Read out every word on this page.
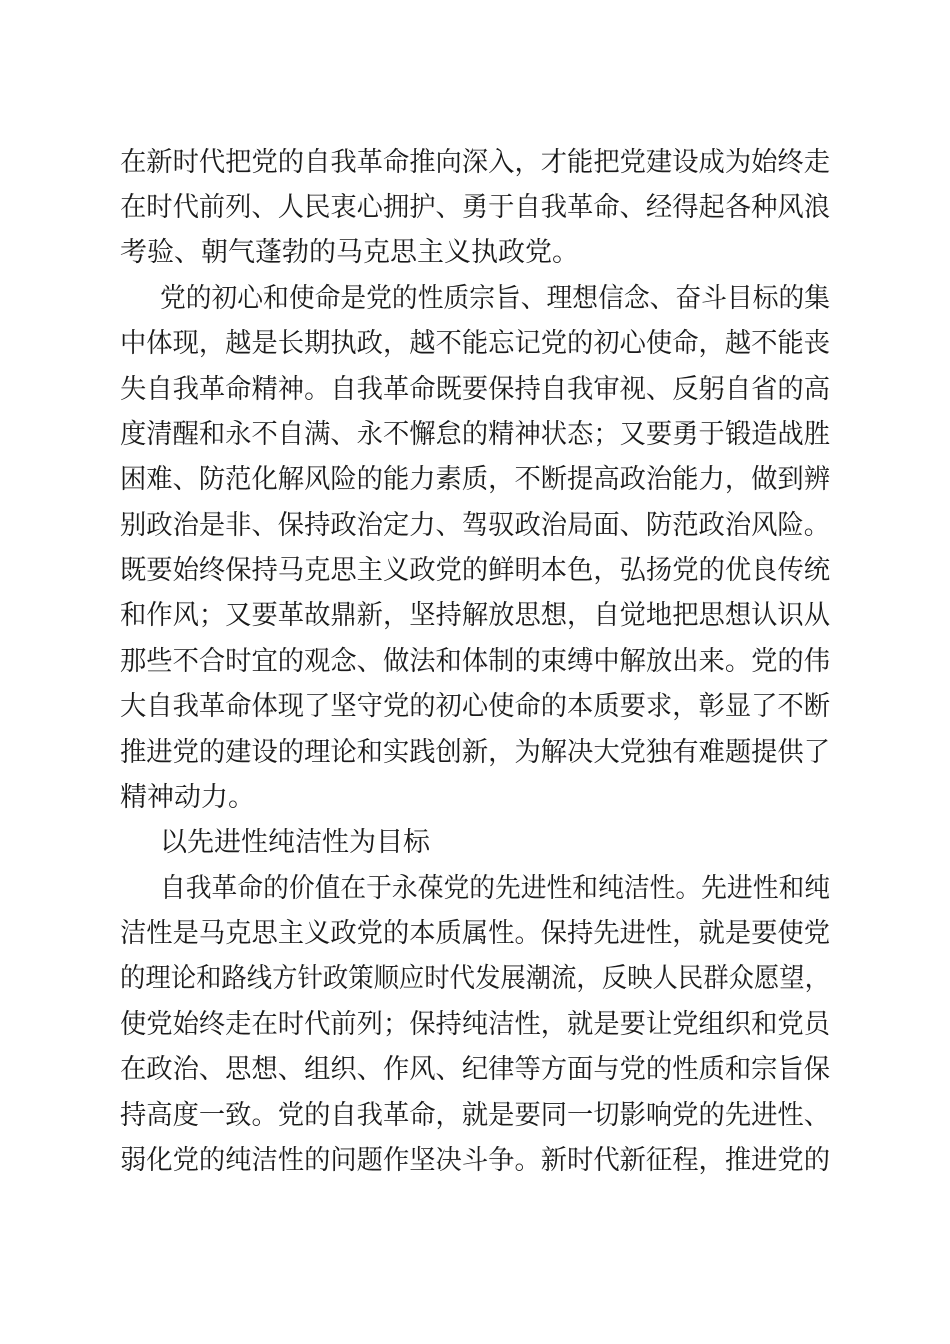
在新时代把党的自我革命推向深入，才能把党建设成为始终走
在时代前列、人民衷心拥护、勇于自我革命、经得起各种风浪
考验、朝气蓬勃的马克思主义执政党。
党的初心和使命是党的性质宗旨、理想信念、奋斗目标的集
中体现，越是长期执政，越不能忘记党的初心使命，越不能丧
失自我革命精神。自我革命既要保持自我审视、反躬自省的高
度清醒和永不自满、永不懈怠的精神状态；又要勇于锻造战胜
困难、防范化解风险的能力素质，不断提高政治能力，做到辨
别政治是非、保持政治定力、驾驭政治局面、防范政治风险。
既要始终保持马克思主义政党的鲜明本色，弘扬党的优良传统
和作风；又要革故鼎新，坚持解放思想，自觉地把思想认识从
那些不合时宜的观念、做法和体制的束缚中解放出来。党的伟
大自我革命体现了坚守党的初心使命的本质要求，彰显了不断
推进党的建设的理论和实践创新，为解决大党独有难题提供了
精神动力。
以先进性纯洁性为目标
自我革命的价值在于永葆党的先进性和纯洁性。先进性和纯
洁性是马克思主义政党的本质属性。保持先进性，就是要使党
的理论和路线方针政策顺应时代发展潮流，反映人民群众愿望，
使党始终走在时代前列；保持纯洁性，就是要让党组织和党员
在政治、思想、组织、作风、纪律等方面与党的性质和宗旨保
持高度一致。党的自我革命，就是要同一切影响党的先进性、
弱化党的纯洁性的问题作坚决斗争。新时代新征程，推进党的
